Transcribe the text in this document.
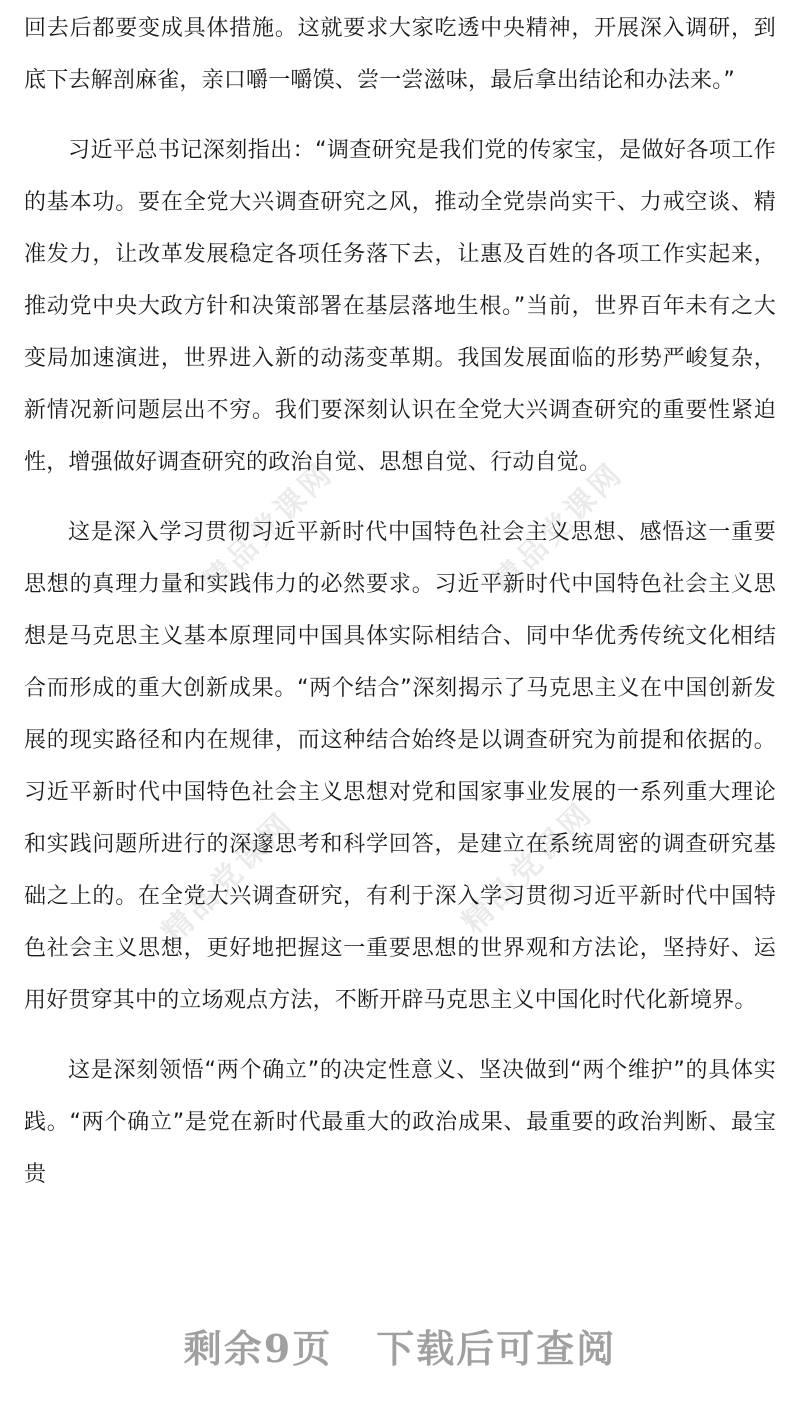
精品党课网	精品党课网
精品党课网	精品党课网

回去后都要变成具体措施。这就要求大家吃透中央精神，开展深入调研，到底下去解剖麻雀，亲口嚼一嚼馍、尝一尝滋味，最后拿出结论和办法来。”

习近平总书记深刻指出：“调查研究是我们党的传家宝，是做好各项工作的基本功。要在全党大兴调查研究之风，推动全党崇尚实干、力戒空谈、精准发力，让改革发展稳定各项任务落下去，让惠及百姓的各项工作实起来，推动党中央大政方针和决策部署在基层落地生根。”当前，世界百年未有之大变局加速演进，世界进入新的动荡变革期。我国发展面临的形势严峻复杂，新情况新问题层出不穷。我们要深刻认识在全党大兴调查研究的重要性紧迫性，增强做好调查研究的政治自觉、思想自觉、行动自觉。

这是深入学习贯彻习近平新时代中国特色社会主义思想、感悟这一重要思想的真理力量和实践伟力的必然要求。习近平新时代中国特色社会主义思想是马克思主义基本原理同中国具体实际相结合、同中华优秀传统文化相结合而形成的重大创新成果。“两个结合”深刻揭示了马克思主义在中国创新发展的现实路径和内在规律，而这种结合始终是以调查研究为前提和依据的。习近平新时代中国特色社会主义思想对党和国家事业发展的一系列重大理论和实践问题所进行的深邃思考和科学回答，是建立在系统周密的调查研究基础之上的。在全党大兴调查研究，有利于深入学习贯彻习近平新时代中国特色社会主义思想，更好地把握这一重要思想的世界观和方法论，坚持好、运用好贯穿其中的立场观点方法，不断开辟马克思主义中国化时代化新境界。

这是深刻领悟“两个确立”的决定性意义、坚决做到“两个维护”的具体实践。“两个确立”是党在新时代最重大的政治成果、最重要的政治判断、最宝贵

剩余9页 下载后可查阅
